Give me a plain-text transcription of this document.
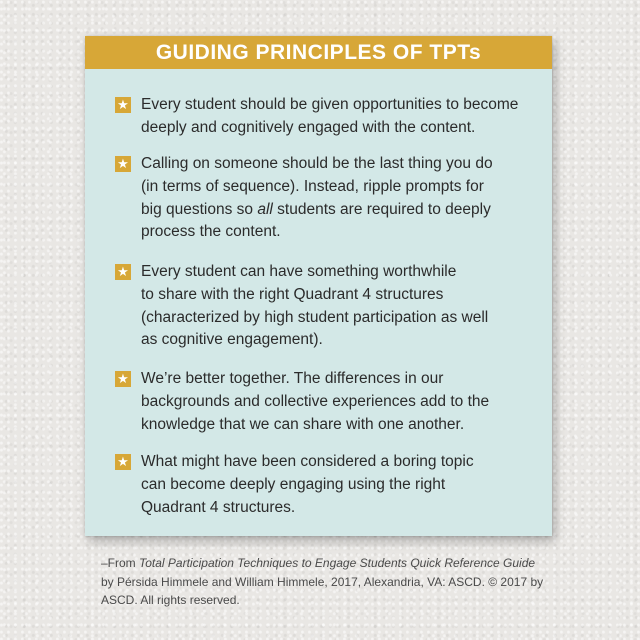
GUIDING PRINCIPLES OF TPTs
★ Every student should be given opportunities to become
deeply and cognitively engaged with the content.
★ Calling on someone should be the last thing you do
(in terms of sequence). Instead, ripple prompts for
big questions so all students are required to deeply
process the content.
★ Every student can have something worthwhile
to share with the right Quadrant 4 structures
(characterized by high student participation as well
as cognitive engagement).
★ We’re better together. The differences in our
backgrounds and collective experiences add to the
knowledge that we can share with one another.
★ What might have been considered a boring topic
can become deeply engaging using the right
Quadrant 4 structures.
–From Total Participation Techniques to Engage Students Quick Reference Guide by Pérsida Himmele and William Himmele, 2017, Alexandria, VA: ASCD. © 2017 by ASCD. All rights reserved.
